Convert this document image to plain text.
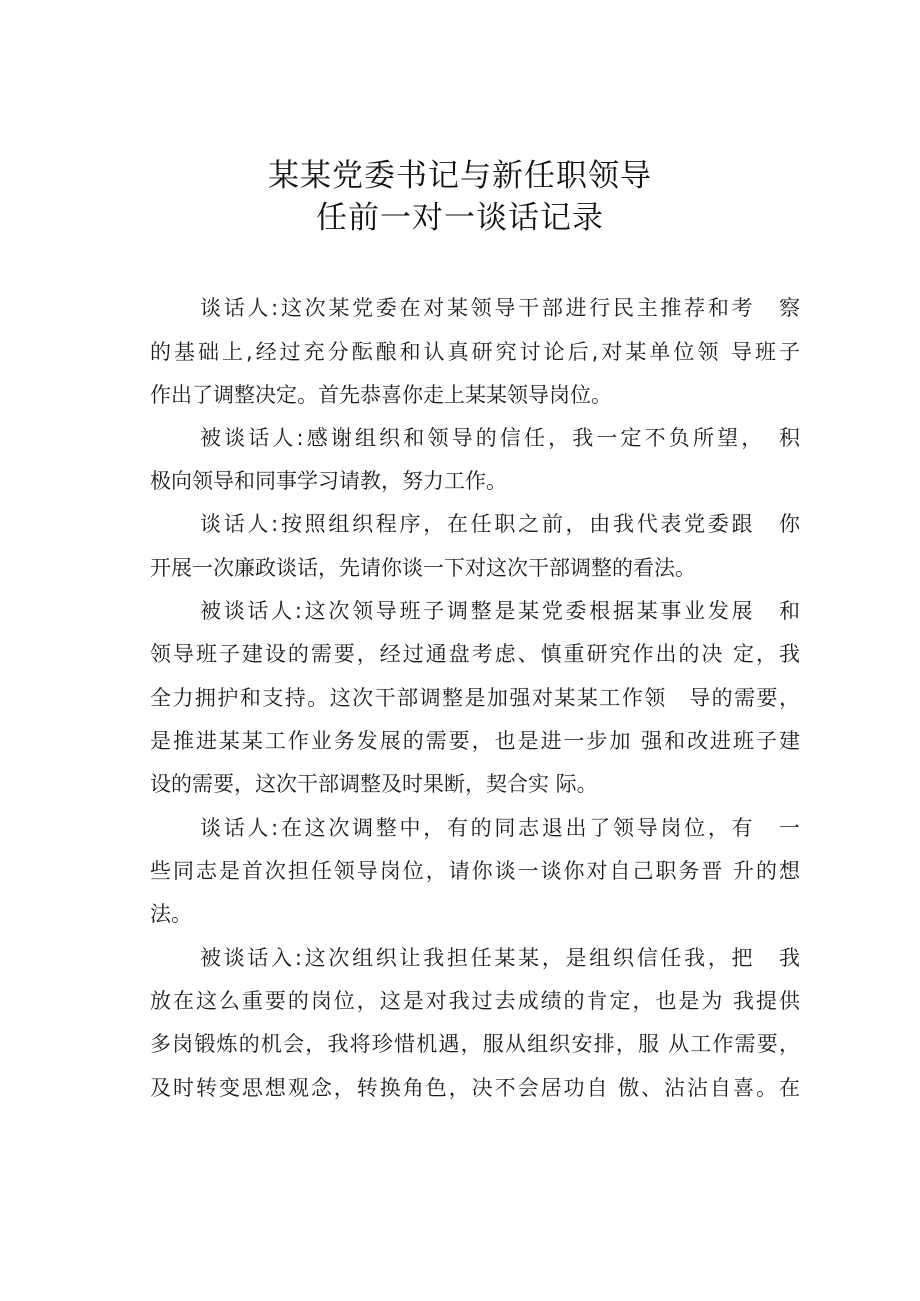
某某党委书记与新任职领导
任前一对一谈话记录
谈话人:这次某党委在对某领导干部进行民主推荐和考　察
的基础上,经过充分酝酿和认真研究讨论后,对某单位领 导班子
作出了调整决定。首先恭喜你走上某某领导岗位。
被谈话人:感谢组织和领导的信任，我一定不负所望，　积
极向领导和同事学习请教，努力工作。
谈话人:按照组织程序，在任职之前，由我代表党委跟　你
开展一次廉政谈话，先请你谈一下对这次干部调整的看法。
被谈话人:这次领导班子调整是某党委根据某事业发展　和
领导班子建设的需要，经过通盘考虑、慎重研究作出的决 定，我
全力拥护和支持。这次干部调整是加强对某某工作领　导的需要，
是推进某某工作业务发展的需要，也是进一步加 强和改进班子建
设的需要，这次干部调整及时果断，契合实 际。
谈话人:在这次调整中，有的同志退出了领导岗位，有　一
些同志是首次担任领导岗位，请你谈一谈你对自己职务晋 升的想
法。
被谈话入:这次组织让我担任某某，是组织信任我，把　我
放在这么重要的岗位，这是对我过去成绩的肯定，也是为 我提供
多岗锻炼的机会，我将珍惜机遇，服从组织安排，服 从工作需要，
及时转变思想观念，转换角色，决不会居功自 傲、沾沾自喜。在
